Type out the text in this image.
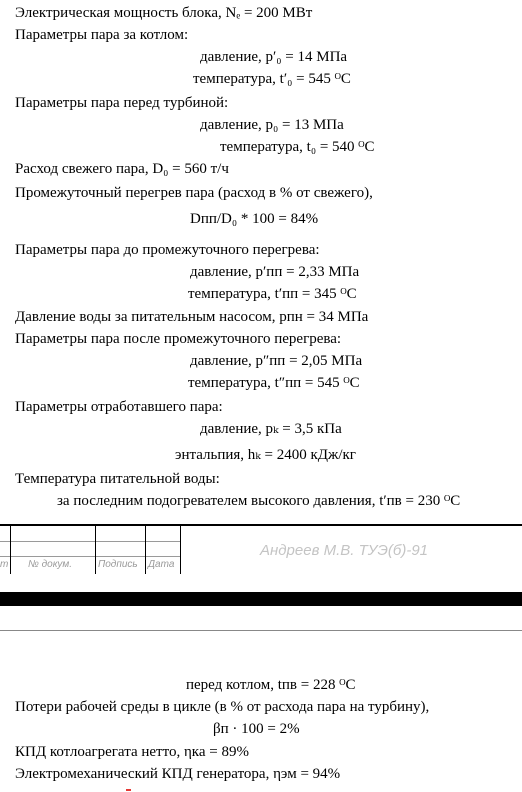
Электрическая мощность блока, Nₑ = 200 МВт
Параметры пара за котлом:
давление, p′₀ = 14 МПа
температура, t′₀ = 545 ᴼC
Параметры пара перед турбиной:
давление, p₀ = 13 МПа
температура, t₀ = 540 ᴼC
Расход свежего пара, D₀ = 560 т/ч
Промежуточный перегрев пара (расход в % от свежего),
Dпп/D₀ * 100 = 84%
Параметры пара до промежуточного перегрева:
давление, p′пп = 2,33 МПа
температура, t′пп = 345 ᴼC
Давление воды за питательным насосом, pпн = 34 МПа
Параметры пара после промежуточного перегрева:
давление, p″пп = 2,05 МПа
температура, t″пп = 545 ᴼC
Параметры отработавшего пара:
давление, pₖ = 3,5 кПа
энтальпия, hₖ = 2400 кДж/кг
Температура питательной воды:
за последним подогревателем высокого давления, t′пв = 230 ᴼC
т № докум.	Подпись Дата
Андреев М.В. ТУЭ(б)-91
перед котлом, tпв = 228 ᴼC
Потери рабочей среды в цикле (в % от расхода пара на турбину),
βп · 100 = 2%
КПД котлоагрегата нетто, ηка = 89%
Электромеханический КПД генератора, ηэм = 94%
